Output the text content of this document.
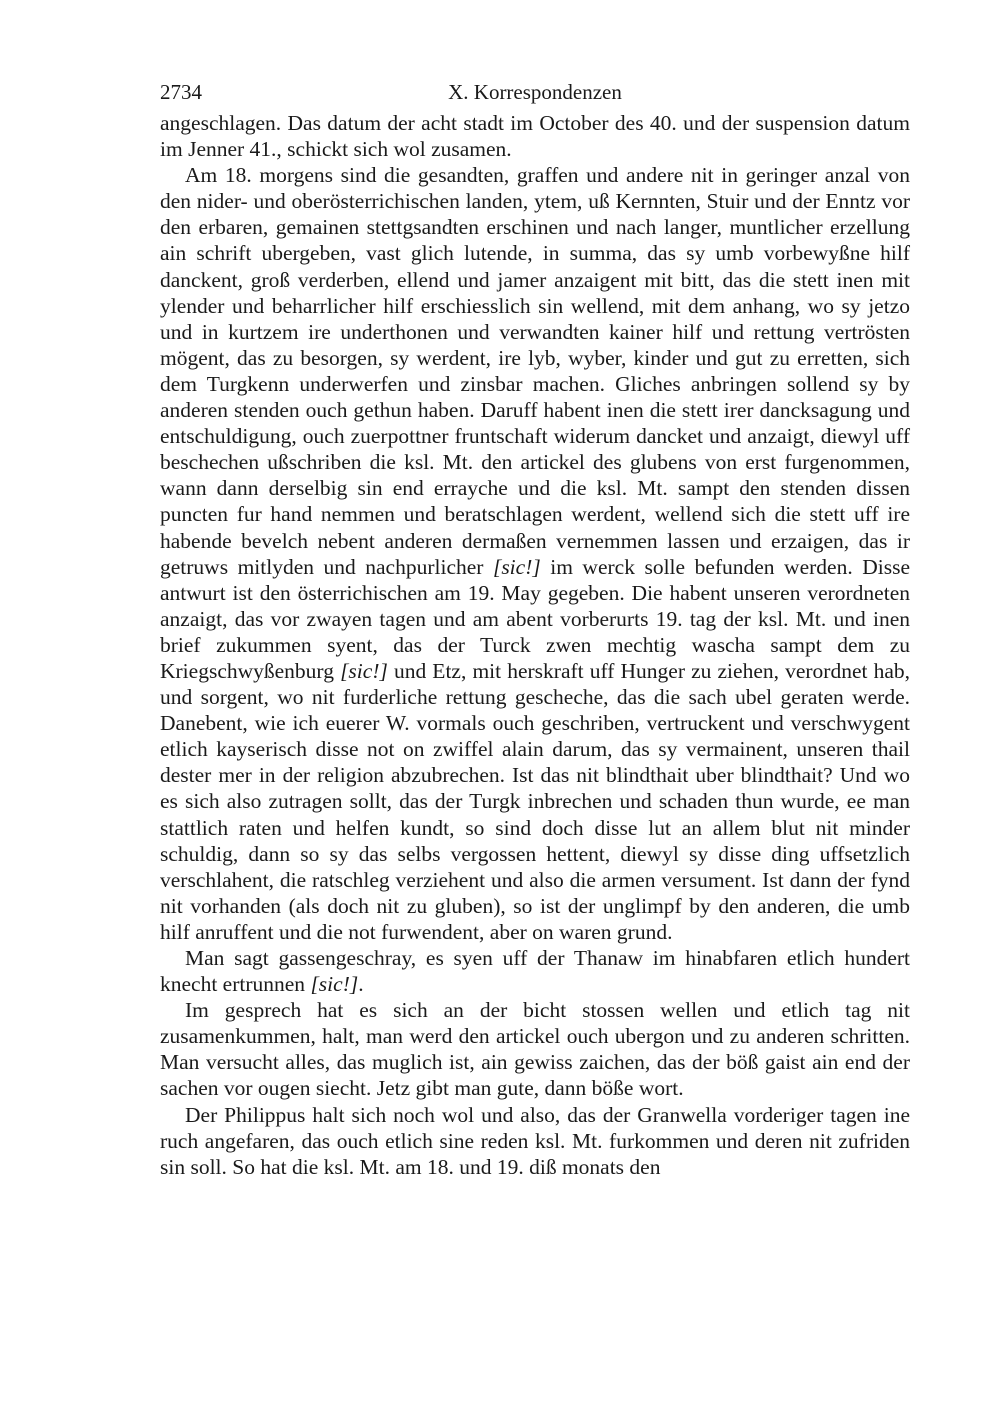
2734	X. Korrespondenzen

angeschlagen. Das datum der acht stadt im October des 40. und der suspension datum im Jenner 41., schickt sich wol zusamen.

Am 18. morgens sind die gesandten, graffen und andere nit in geringer anzal von den nider- und oberösterrichischen landen, ytem, uß Kernnten, Stuir und der Enntz vor den erbaren, gemainen stettgsandten erschinen und nach langer, muntlicher erzellung ain schrift ubergeben, vast glich lutende, in summa, das sy umb vorbewyßne hilf danckent, groß verderben, ellend und jamer anzaigent mit bitt, das die stett inen mit ylender und beharrlicher hilf erschiesslich sin wellend, mit dem anhang, wo sy jetzo und in kurtzem ire underthonen und verwandten kainer hilf und rettung vertrösten mögent, das zu besorgen, sy werdent, ire lyb, wyber, kinder und gut zu erretten, sich dem Turgkenn underwerfen und zinsbar machen. Gliches anbringen sollend sy by anderen stenden ouch gethun haben. Daruff habent inen die stett irer dancksagung und entschuldigung, ouch zuerpottner fruntschaft widerum dancket und anzaigt, diewyl uff beschechen ußschriben die ksl. Mt. den artickel des glubens von erst furgenommen, wann dann derselbig sin end errayche und die ksl. Mt. sampt den stenden dissen puncten fur hand nemmen und beratschlagen werdent, wellend sich die stett uff ire habende bevelch nebent anderen dermaßen vernemmen lassen und erzaigen, das ir getruws mitlyden und nachpurlicher [sic!] im werck solle befunden werden. Disse antwurt ist den österrichischen am 19. May gegeben. Die habent unseren verordneten anzaigt, das vor zwayen tagen und am abent vorberurts 19. tag der ksl. Mt. und inen brief zukummen syent, das der Turck zwen mechtig wascha sampt dem zu Kriegschwyßenburg [sic!] und Etz, mit herskraft uff Hunger zu ziehen, verordnet hab, und sorgent, wo nit furderliche rettung gescheche, das die sach ubel geraten werde. Danebent, wie ich euerer W. vormals ouch geschriben, vertruckent und verschwygent etlich kayserisch disse not on zwiffel alain darum, das sy vermainent, unseren thail dester mer in der religion abzubrechen. Ist das nit blindthait uber blindthait? Und wo es sich also zutragen sollt, das der Turgk inbrechen und schaden thun wurde, ee man stattlich raten und helfen kundt, so sind doch disse lut an allem blut nit minder schuldig, dann so sy das selbs vergossen hettent, diewyl sy disse ding uffsetzlich verschlahent, die ratschleg verziehent und also die armen versument. Ist dann der fynd nit vorhanden (als doch nit zu gluben), so ist der unglimpf by den anderen, die umb hilf anruffent und die not furwendent, aber on waren grund.

Man sagt gassengeschray, es syen uff der Thanaw im hinabfaren etlich hundert knecht ertrunnen [sic!].

Im gesprech hat es sich an der bicht stossen wellen und etlich tag nit zusamenkummen, halt, man werd den artickel ouch ubergon und zu anderen schritten. Man versucht alles, das muglich ist, ain gewiss zaichen, das der böß gaist ain end der sachen vor ougen siecht. Jetz gibt man gute, dann böße wort.

Der Philippus halt sich noch wol und also, das der Granwella vorderiger tagen ine ruch angefaren, das ouch etlich sine reden ksl. Mt. furkommen und deren nit zufriden sin soll. So hat die ksl. Mt. am 18. und 19. diß monats den
